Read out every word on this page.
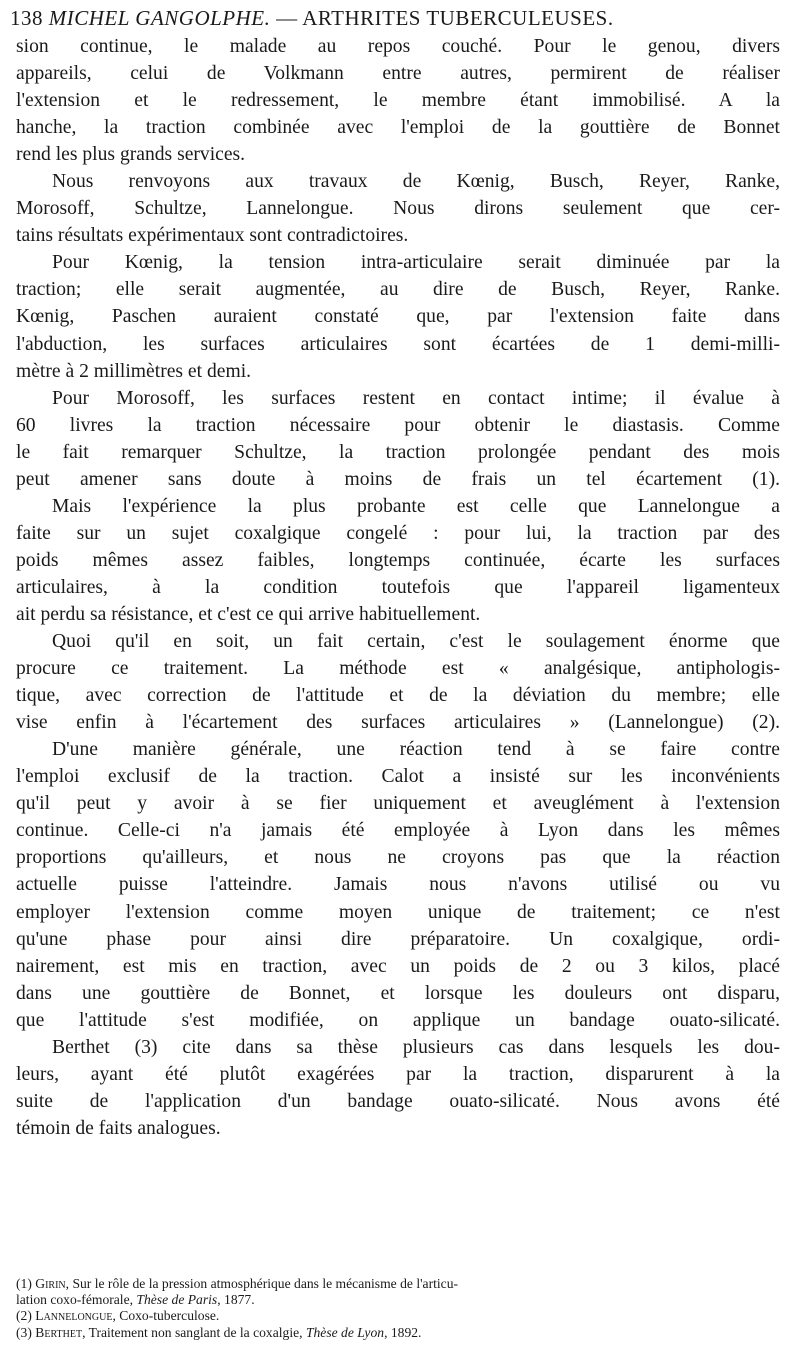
138 MICHEL GANGOLPHE. — ARTHRITES TUBERCULEUSES.
sion continue, le malade au repos couché. Pour le genou, divers
appareils, celui de Volkmann entre autres, permirent de réaliser
l'extension et le redressement, le membre étant immobilisé. A la
hanche, la traction combinée avec l'emploi de la gouttière de Bonnet
rend les plus grands services.
Nous renvoyons aux travaux de Kœnig, Busch, Reyer, Ranke,
Morosoff, Schultze, Lannelongue. Nous dirons seulement que cer-
tains résultats expérimentaux sont contradictoires.
Pour Kœnig, la tension intra-articulaire serait diminuée par la
traction; elle serait augmentée, au dire de Busch, Reyer, Ranke.
Kœnig, Paschen auraient constaté que, par l'extension faite dans
l'abduction, les surfaces articulaires sont écartées de 1 demi-milli-
mètre à 2 millimètres et demi.
Pour Morosoff, les surfaces restent en contact intime; il évalue à
60 livres la traction nécessaire pour obtenir le diastasis. Comme
le fait remarquer Schultze, la traction prolongée pendant des mois
peut amener sans doute à moins de frais un tel écartement (1).
Mais l'expérience la plus probante est celle que Lannelongue a
faite sur un sujet coxalgique congelé : pour lui, la traction par des
poids mêmes assez faibles, longtemps continuée, écarte les surfaces
articulaires, à la condition toutefois que l'appareil ligamenteux
ait perdu sa résistance, et c'est ce qui arrive habituellement.
Quoi qu'il en soit, un fait certain, c'est le soulagement énorme que
procure ce traitement. La méthode est « analgésique, antiphologis-
tique, avec correction de l'attitude et de la déviation du membre; elle
vise enfin à l'écartement des surfaces articulaires » (Lannelongue) (2).
D'une manière générale, une réaction tend à se faire contre
l'emploi exclusif de la traction. Calot a insisté sur les inconvénients
qu'il peut y avoir à se fier uniquement et aveuglément à l'extension
continue. Celle-ci n'a jamais été employée à Lyon dans les mêmes
proportions qu'ailleurs, et nous ne croyons pas que la réaction
actuelle puisse l'atteindre. Jamais nous n'avons utilisé ou vu
employer l'extension comme moyen unique de traitement; ce n'est
qu'une phase pour ainsi dire préparatoire. Un coxalgique, ordi-
nairement, est mis en traction, avec un poids de 2 ou 3 kilos, placé
dans une gouttière de Bonnet, et lorsque les douleurs ont disparu,
que l'attitude s'est modifiée, on applique un bandage ouato-silicaté.
Berthet (3) cite dans sa thèse plusieurs cas dans lesquels les dou-
leurs, ayant été plutôt exagérées par la traction, disparurent à la
suite de l'application d'un bandage ouato-silicaté. Nous avons été
témoin de faits analogues.
(1) Girin, Sur le rôle de la pression atmosphérique dans le mécanisme de l'articu-
lation coxo-fémorale, Thèse de Paris, 1877.
(2) Lannelongue, Coxo-tuberculose.
(3) Berthet, Traitement non sanglant de la coxalgie, Thèse de Lyon, 1892.
